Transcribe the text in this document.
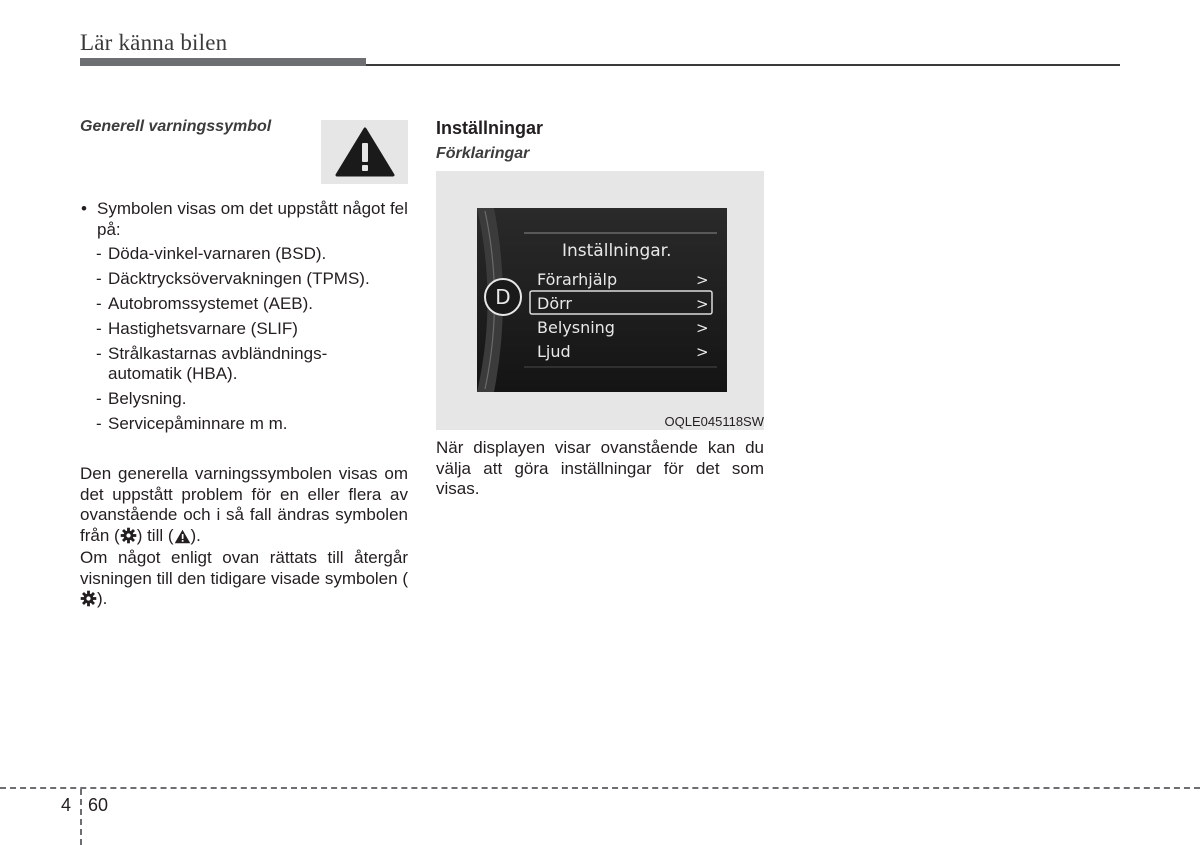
Lär känna bilen
Generell varningssymbol
• Symbolen visas om det uppstått något fel på:
- Döda-vinkel-varnaren (BSD).
- Däcktrycksövervakningen (TPMS).
- Autobromssystemet (AEB).
- Hastighetsvarnare (SLIF)
- Strålkastarnas avbländnings-
automatik (HBA).
- Belysning.
- Servicepåminnare m m.

Den generella varningssymbolen visas om det uppstått problem för en eller flera av ovanstående och i så fall ändras symbolen från ( ) till ( ).

Om något enligt ovan rättats till återgår visningen till den tidigare visade symbolen ().

Inställningar
Förklaringar
Inställningar.
D
Förarhjälp
Dörr
Belysning
Ljud
>
>
>
>
OQLE045118SW
När displayen visar ovanstående kan du välja att göra inställningar för det som visas.
4 60
